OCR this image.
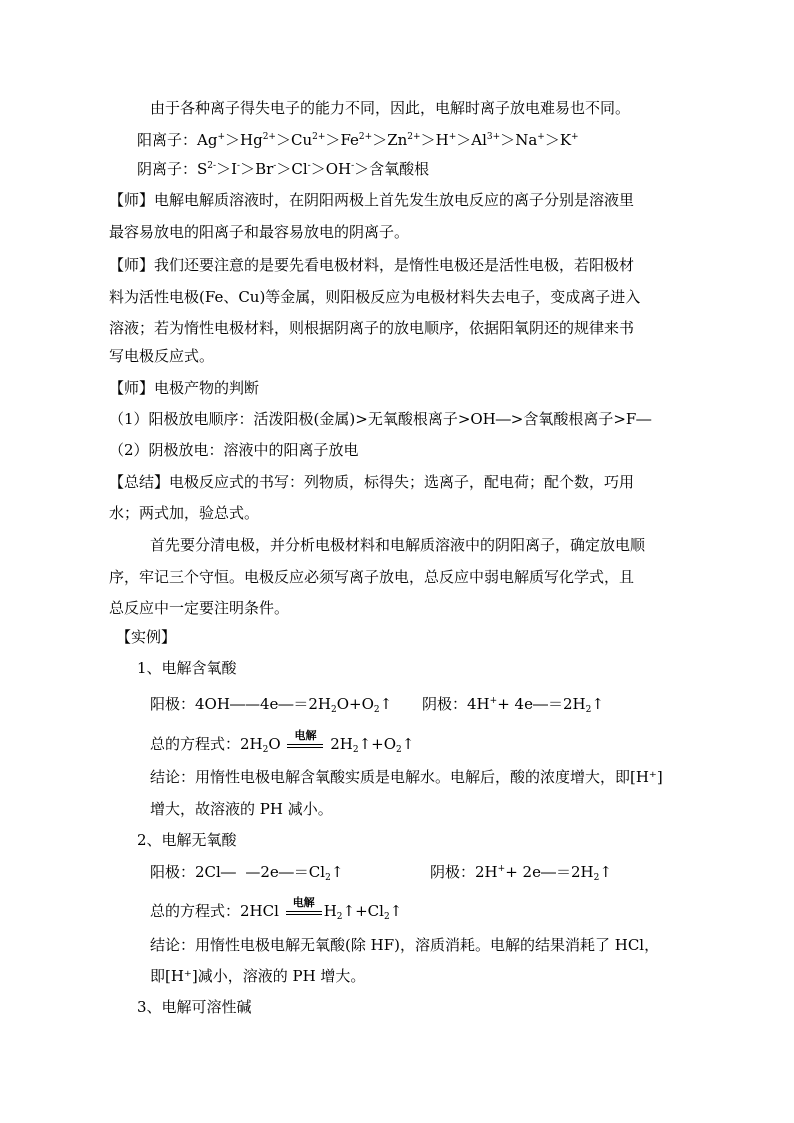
由于各种离子得失电子的能力不同，因此，电解时离子放电难易也不同。
阳离子：$Ag^+>Hg^{2+}>Cu^{2+}>Fe^{2+}>Zn^{2+}>H^+>Al^{3+}>Na^+>K^+$
阴离子：$S^{2-}>I^->Br^->Cl^->OH^->$含氧酸根
【师】电解电解质溶液时，在阴阳两极上首先发生放电反应的离子分别是溶液里
最容易放电的阳离子和最容易放电的阴离子。
【师】我们还要注意的是要先看电极材料，是惰性电极还是活性电极，若阳极材
料为活性电极(Fe、Cu)等金属，则阳极反应为电极材料失去电子，变成离子进入
溶液；若为惰性电极材料，则根据阴离子的放电顺序，依据阳氧阴还的规律来书
写电极反应式。
【师】电极产物的判断
（1）阳极放电顺序：活泼阳极(金属)>无氧酸根离子>OH―>含氧酸根离子>F―
（2）阴极放电：溶液中的阳离子放电
【总结】电极反应式的书写：列物质，标得失；选离子，配电荷；配个数，巧用
水；两式加，验总式。
首先要分清电极，并分析电极材料和电解质溶液中的阴阳离子，确定放电顺
序，牢记三个守恒。电极反应必须写离子放电，总反应中弱电解质写化学式，且
总反应中一定要注明条件。
【实例】
1、电解含氧酸
阳极：$4OH―—4e―=2H_2O+O_2↑$ 阴极：$4H^++ 4e―=2H_2↑$
总的方程式：$2H_2O$ 电解 $2H_2↑+O_2↑$
结论：用惰性电极电解含氧酸实质是电解水。电解后，酸的浓度增大，即[H⁺]
增大，故溶液的 PH 减小。
2、电解无氧酸
阳极：2Cl―  $—2e―=Cl_2↑$	阴极：$2H^++ 2e―=2H_2↑$
总的方程式：2HCl 电解 $H_2↑+Cl_2↑$
结论：用惰性电极电解无氧酸(除 HF)，溶质消耗。电解的结果消耗了 HCl，
即[H⁺]减小，溶液的 PH 增大。
3、电解可溶性碱
